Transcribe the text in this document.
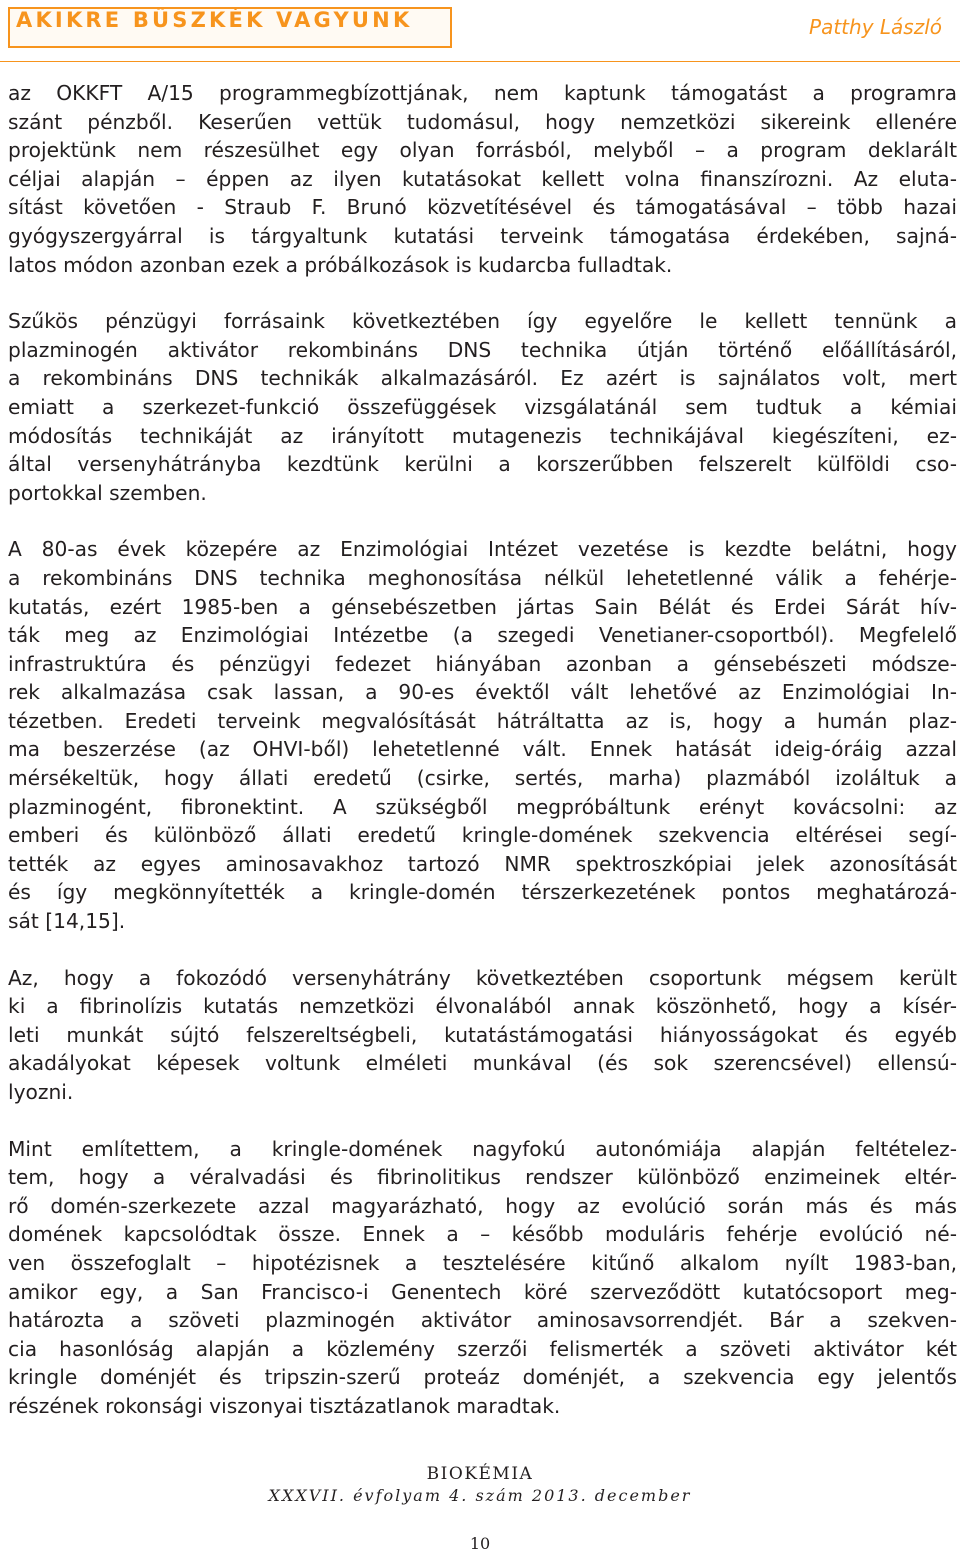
AKIKRE BÜSZKÉK VAGYUNK	Patthy László

az OKKFT A/15 programmegbízottjának, nem kaptunk támogatást a programra
szánt pénzből. Keserűen vettük tudomásul, hogy nemzetközi sikereink ellenére
projektünk nem részesülhet egy olyan forrásból, melyből – a program deklarált
céljai alapján – éppen az ilyen kutatásokat kellett volna finanszírozni. Az eluta-
sítást követően - Straub F. Brunó közvetítésével és támogatásával – több hazai
gyógyszergyárral is tárgyaltunk kutatási terveink támogatása érdekében, sajná-
latos módon azonban ezek a próbálkozások is kudarcba fulladtak.

Szűkös pénzügyi forrásaink következtében így egyelőre le kellett tennünk a
plazminogén aktivátor rekombináns DNS technika útján történő előállításáról,
a rekombináns DNS technikák alkalmazásáról. Ez azért is sajnálatos volt, mert
emiatt a szerkezet-funkció összefüggések vizsgálatánál sem tudtuk a kémiai
módosítás technikáját az irányított mutagenezis technikájával kiegészíteni, ez-
által versenyhátrányba kezdtünk kerülni a korszerűbben felszerelt külföldi cso-
portokkal szemben.

A 80-as évek közepére az Enzimológiai Intézet vezetése is kezdte belátni, hogy
a rekombináns DNS technika meghonosítása nélkül lehetetlenné válik a fehérje-
kutatás, ezért 1985-ben a génsebészetben jártas Sain Bélát és Erdei Sárát hív-
ták meg az Enzimológiai Intézetbe (a szegedi Venetianer-csoportból). Megfelelő
infrastruktúra és pénzügyi fedezet hiányában azonban a génsebészeti módsze-
rek alkalmazása csak lassan, a 90-es évektől vált lehetővé az Enzimológiai In-
tézetben. Eredeti terveink megvalósítását hátráltatta az is, hogy a humán plaz-
ma beszerzése (az OHVI-ből) lehetetlenné vált. Ennek hatását ideig-óráig azzal
mérsékeltük, hogy állati eredetű (csirke, sertés, marha) plazmából izoláltuk a
plazminogént, fibronektint. A szükségből megpróbáltunk erényt kovácsolni: az
emberi és különböző állati eredetű kringle-domének szekvencia eltérései segí-
tették az egyes aminosavakhoz tartozó NMR spektroszkópiai jelek azonosítását
és így megkönnyítették a kringle-domén térszerkezetének pontos meghatározá-
sát [14,15].

Az, hogy a fokozódó versenyhátrány következtében csoportunk mégsem került
ki a fibrinolízis kutatás nemzetközi élvonalából annak köszönhető, hogy a kísér-
leti munkát sújtó felszereltségbeli, kutatástámogatási hiányosságokat és egyéb
akadályokat képesek voltunk elméleti munkával (és sok szerencsével) ellensú-
lyozni.

Mint említettem, a kringle-domének nagyfokú autonómiája alapján feltételez-
tem, hogy a véralvadási és fibrinolitikus rendszer különböző enzimeinek eltér-
rő domén-szerkezete azzal magyarázható, hogy az evolúció során más és más
domének kapcsolódtak össze. Ennek a – később moduláris fehérje evolúció né-
ven összefoglalt – hipotézisnek a tesztelésére kitűnő alkalom nyílt 1983-ban,
amikor egy, a San Francisco-i Genentech köré szerveződött kutatócsoport meg-
határozta a szöveti plazminogén aktivátor aminosavsorrendjét. Bár a szekven-
cia hasonlóság alapján a közlemény szerzői felismerték a szöveti aktivátor két
kringle doménjét és tripszin-szerű proteáz doménjét, a szekvencia egy jelentős
részének rokonsági viszonyai tisztázatlanok maradtak.

BIOKÉMIA
XXXVII. évfolyam 4. szám 2013. december
10
